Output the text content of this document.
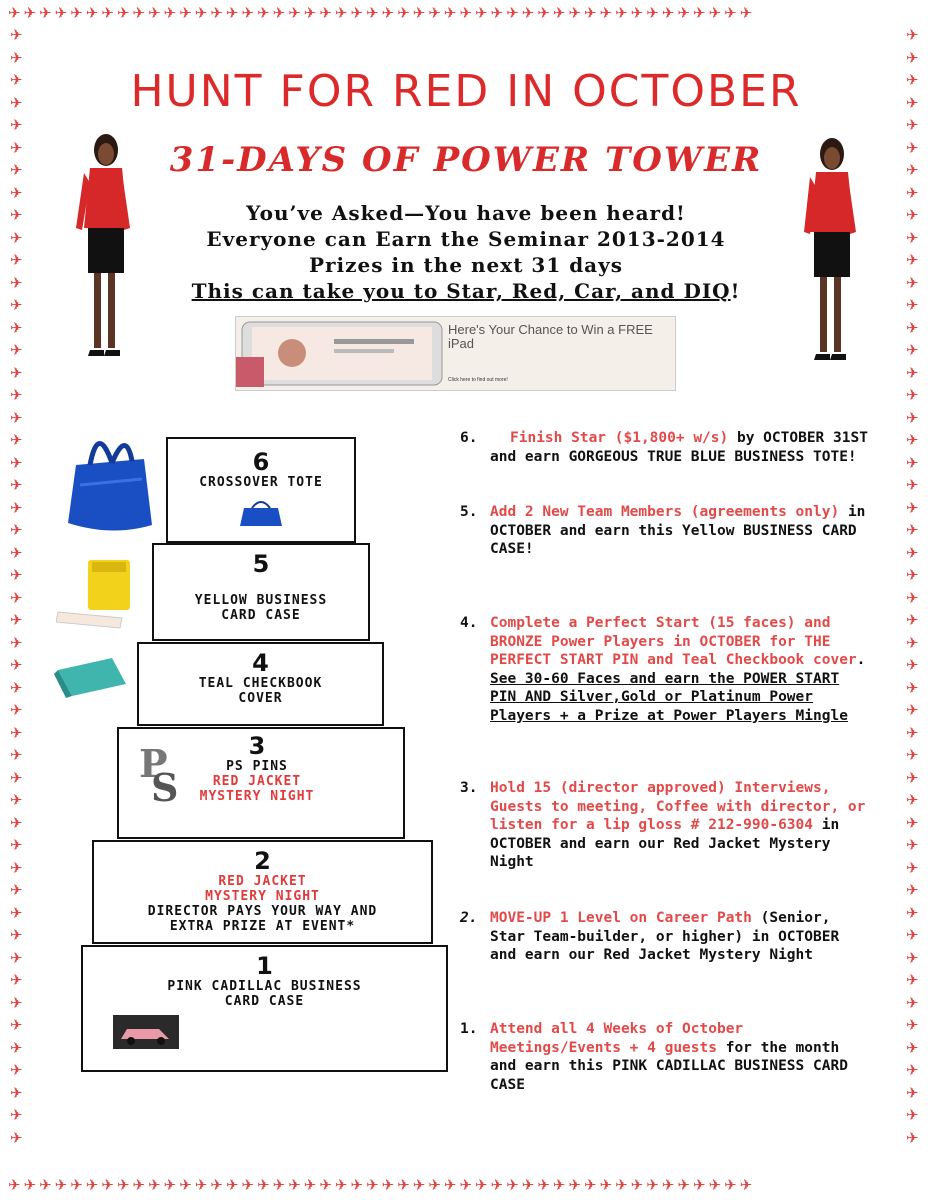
✈✈✈✈✈✈✈✈✈✈✈✈✈✈✈✈✈✈✈✈✈✈✈✈✈✈✈✈✈✈✈✈✈✈✈✈✈✈✈✈✈✈✈✈✈✈✈✈
✈✈✈✈✈✈✈✈✈✈✈✈✈✈✈✈✈✈✈✈✈✈✈✈✈✈✈✈✈✈✈✈✈✈✈✈✈✈✈✈✈✈✈✈✈✈✈✈
✈✈✈✈✈✈✈✈✈✈✈✈✈✈✈✈✈✈✈✈✈✈✈✈✈✈✈✈✈✈✈✈✈✈✈✈✈✈✈✈✈✈✈✈✈✈✈✈✈✈
✈✈✈✈✈✈✈✈✈✈✈✈✈✈✈✈✈✈✈✈✈✈✈✈✈✈✈✈✈✈✈✈✈✈✈✈✈✈✈✈✈✈✈✈✈✈✈✈✈✈
HUNT FOR RED IN OCTOBER
31-DAYS OF POWER TOWER
You’ve Asked—You have been heard!
Everyone can Earn the Seminar 2013-2014
Prizes in the next 31 days
This can take you to Star, Red, Car, and DIQ!
Here's Your Chance to Win a FREE iPad
Click here to find out more!
6
CROSSOVER TOTE
5
YELLOW BUSINESS
CARD CASE
4
TEAL CHECKBOOK
COVER
3
PS PINS
RED JACKET
MYSTERY NIGHT
P
S
2
RED JACKET
MYSTERY NIGHT
DIRECTOR PAYS YOUR WAY AND
EXTRA PRIZE AT EVENT*
1
PINK CADILLAC BUSINESS
CARD CASE
6.	Finish Star ($1,800+ w/s) by OCTOBER 31ST and earn GORGEOUS TRUE BLUE BUSINESS TOTE!
5. Add 2 New Team Members (agreements only) in OCTOBER and earn this Yellow BUSINESS CARD CASE!
4. Complete a Perfect Start (15 faces) and BRONZE Power Players in OCTOBER for THE PERFECT START PIN and Teal Checkbook cover. See 30-60 Faces and earn the POWER START PIN AND Silver,Gold or Platinum Power Players + a Prize at Power Players Mingle
3. Hold 15 (director approved) Interviews, Guests to meeting, Coffee with director, or listen for a lip gloss # 212-990-6304 in OCTOBER and earn our Red Jacket Mystery Night
2. MOVE-UP 1 Level on Career Path (Senior, Star Team-builder, or higher) in OCTOBER and earn our Red Jacket Mystery Night
1. Attend all 4 Weeks of October Meetings/Events + 4 guests for the month and earn this PINK CADILLAC BUSINESS CARD CASE
